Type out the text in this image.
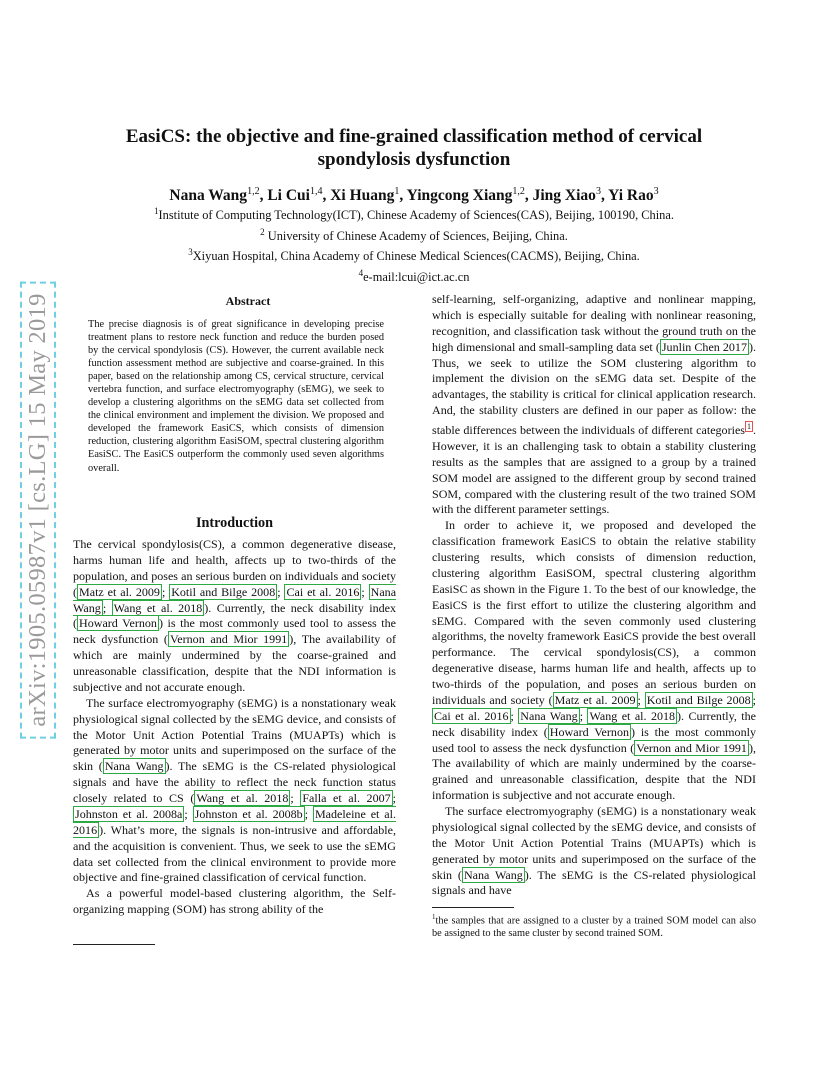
arXiv:1905.05987v1 [cs.LG] 15 May 2019
EasiCS: the objective and fine-grained classification method of cervical
spondylosis dysfunction
Nana Wang$^{1,2}$, Li Cui$^{1,4}$, Xi Huang$^1$, Yingcong Xiang$^{1,2}$, Jing Xiao$^3$, Yi Rao$^3$
$^1$Institute of Computing Technology(ICT), Chinese Academy of Sciences(CAS), Beijing, 100190, China.
$^2$ University of Chinese Academy of Sciences, Beijing, China.
$^3$Xiyuan Hospital, China Academy of Chinese Medical Sciences(CACMS), Beijing, China.
$^4$e-mail:lcui@ict.ac.cn
Abstract
The precise diagnosis is of great significance in developing precise treatment plans to restore neck function and reduce the burden posed by the cervical spondylosis (CS). However, the current available neck function assessment method are subjective and coarse-grained. In this paper, based on the relationship among CS, cervical structure, cervical vertebra function, and surface electromyography (sEMG), we seek to develop a clustering algorithms on the sEMG data set collected from the clinical environment and implement the division. We proposed and developed the framework EasiCS, which consists of dimension reduction, clustering algorithm EasiSOM, spectral clustering algorithm EasiSC. The EasiCS outperform the commonly used seven algorithms overall.
Introduction

The cervical spondylosis(CS), a common degenerative disease, harms human life and health, affects up to two-thirds of the population, and poses an serious burden on individuals and society ( Matz et al. 2009 ; Kotil and Bilge 2008 ; Cai et al. 2016 ; Nana Wang ; Wang et al. 2018 ). Currently, the neck disability index ( Howard Vernon ) is the most commonly used tool to assess the neck dysfunction ( Vernon and Mior 1991 ), The availability of which are mainly undermined by the coarse-grained and unreasonable classification, despite that the NDI information is subjective and not accurate enough.

The surface electromyography (sEMG) is a nonstationary weak physiological signal collected by the sEMG device, and consists of the Motor Unit Action Potential Trains (MUAPTs) which is generated by motor units and superimposed on the surface of the skin ( Nana Wang ). The sEMG is the CS-related physiological signals and have the ability to reflect the neck function status closely related to CS ( Wang et al. 2018 ; Falla et al. 2007 ; Johnston et al. 2008a ; Johnston et al. 2008b ; Madeleine et al. 2016 ). What’s more, the signals is non-intrusive and affordable, and the acquisition is convenient. Thus, we seek to use the sEMG data set collected from the clinical environment to provide more objective and fine-grained classification of cervical function.

As a powerful model-based clustering algorithm, the Self-organizing mapping (SOM) has strong ability of the

self-learning, self-organizing, adaptive and nonlinear mapping, which is especially suitable for dealing with nonlinear reasoning, recognition, and classification task without the ground truth on the high dimensional and small-sampling data set ( Junlin Chen 2017 ). Thus, we seek to utilize the SOM clustering algorithm to implement the division on the sEMG data set. Despite of the advantages, the stability is critical for clinical application research. And, the stability clusters are defined in our paper as follow: the stable differences between the individuals of different categories $^1$ . However, it is an challenging task to obtain a stability clustering results as the samples that are assigned to a group by a trained SOM model are assigned to the different group by second trained SOM, compared with the clustering result of the two trained SOM with the different parameter settings.

In order to achieve it, we proposed and developed the classification framework EasiCS to obtain the relative stability clustering results, which consists of dimension reduction, clustering algorithm EasiSOM, spectral clustering algorithm EasiSC as shown in the Figure 1. To the best of our knowledge, the EasiCS is the first effort to utilize the clustering algorithm and sEMG. Compared with the seven commonly used clustering algorithms, the novelty framework EasiCS provide the best overall performance. The cervical spondylosis(CS), a common degenerative disease, harms human life and health, affects up to two-thirds of the population, and poses an serious burden on individuals and society ( Matz et al. 2009 ; Kotil and Bilge 2008 ; Cai et al. 2016 ; Nana Wang ; Wang et al. 2018 ). Currently, the neck disability index ( Howard Vernon ) is the most commonly used tool to assess the neck dysfunction ( Vernon and Mior 1991 ), The availability of which are mainly undermined by the coarse-grained and unreasonable classification, despite that the NDI information is subjective and not accurate enough.

The surface electromyography (sEMG) is a nonstationary weak physiological signal collected by the sEMG device, and consists of the Motor Unit Action Potential Trains (MUAPTs) which is generated by motor units and superimposed on the surface of the skin ( Nana Wang ). The sEMG is the CS-related physiological signals and have

$^1$the samples that are assigned to a cluster by a trained SOM model can also be assigned to the same cluster by second trained SOM.
